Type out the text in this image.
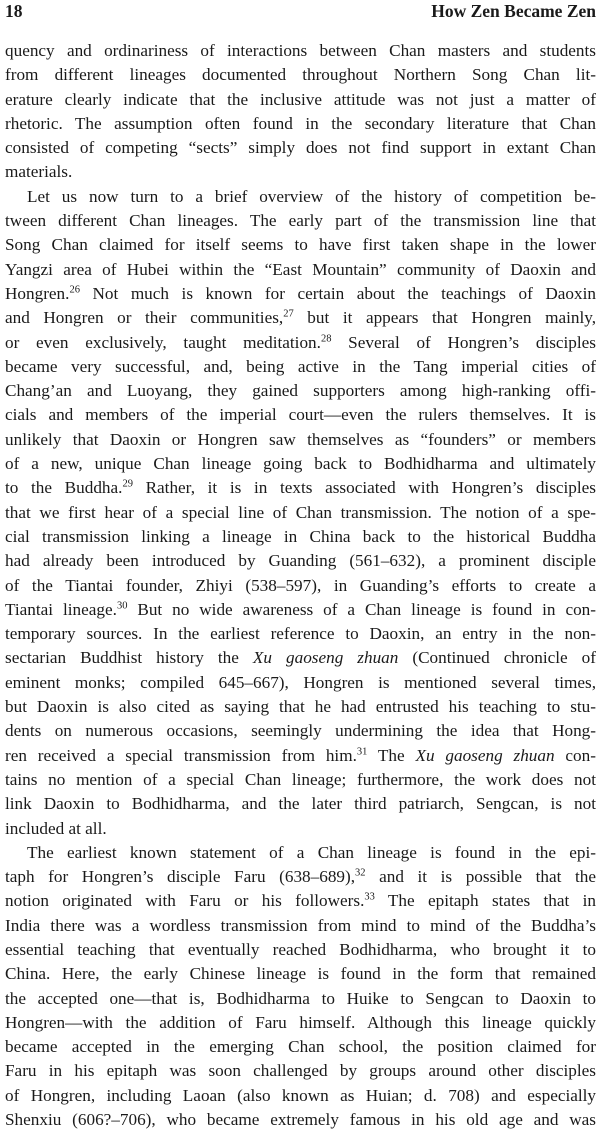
18	How Zen Became Zen
quency and ordinariness of interactions between Chan masters and students
from different lineages documented throughout Northern Song Chan lit-
erature clearly indicate that the inclusive attitude was not just a matter of
rhetoric. The assumption often found in the secondary literature that Chan
consisted of competing “sects” simply does not find support in extant Chan
materials.
Let us now turn to a brief overview of the history of competition be-
tween different Chan lineages. The early part of the transmission line that
Song Chan claimed for itself seems to have first taken shape in the lower
Yangzi area of Hubei within the “East Mountain” community of Daoxin and
Hongren.$^{26}$ Not much is known for certain about the teachings of Daoxin
and Hongren or their communities,$^{27}$ but it appears that Hongren mainly,
or even exclusively, taught meditation.$^{28}$ Several of Hongren’s disciples
became very successful, and, being active in the Tang imperial cities of
Chang’an and Luoyang, they gained supporters among high-ranking offi-
cials and members of the imperial court—even the rulers themselves. It is
unlikely that Daoxin or Hongren saw themselves as “founders” or members
of a new, unique Chan lineage going back to Bodhidharma and ultimately
to the Buddha.$^{29}$ Rather, it is in texts associated with Hongren’s disciples
that we first hear of a special line of Chan transmission. The notion of a spe-
cial transmission linking a lineage in China back to the historical Buddha
had already been introduced by Guanding (561–632), a prominent disciple
of the Tiantai founder, Zhiyi (538–597), in Guanding’s efforts to create a
Tiantai lineage.$^{30}$ But no wide awareness of a Chan lineage is found in con-
temporary sources. In the earliest reference to Daoxin, an entry in the non-
sectarian Buddhist history the Xu gaoseng zhuan (Continued chronicle of
eminent monks; compiled 645–667), Hongren is mentioned several times,
but Daoxin is also cited as saying that he had entrusted his teaching to stu-
dents on numerous occasions, seemingly undermining the idea that Hong-
ren received a special transmission from him.$^{31}$ The Xu gaoseng zhuan con-
tains no mention of a special Chan lineage; furthermore, the work does not
link Daoxin to Bodhidharma, and the later third patriarch, Sengcan, is not
included at all.
The earliest known statement of a Chan lineage is found in the epi-
taph for Hongren’s disciple Faru (638–689),$^{32}$ and it is possible that the
notion originated with Faru or his followers.$^{33}$ The epitaph states that in
India there was a wordless transmission from mind to mind of the Buddha’s
essential teaching that eventually reached Bodhidharma, who brought it to
China. Here, the early Chinese lineage is found in the form that remained
the accepted one—that is, Bodhidharma to Huike to Sengcan to Daoxin to
Hongren—with the addition of Faru himself. Although this lineage quickly
became accepted in the emerging Chan school, the position claimed for
Faru in his epitaph was soon challenged by groups around other disciples
of Hongren, including Laoan (also known as Huian; d. 708) and especially
Shenxiu (606?–706), who became extremely famous in his old age and was
